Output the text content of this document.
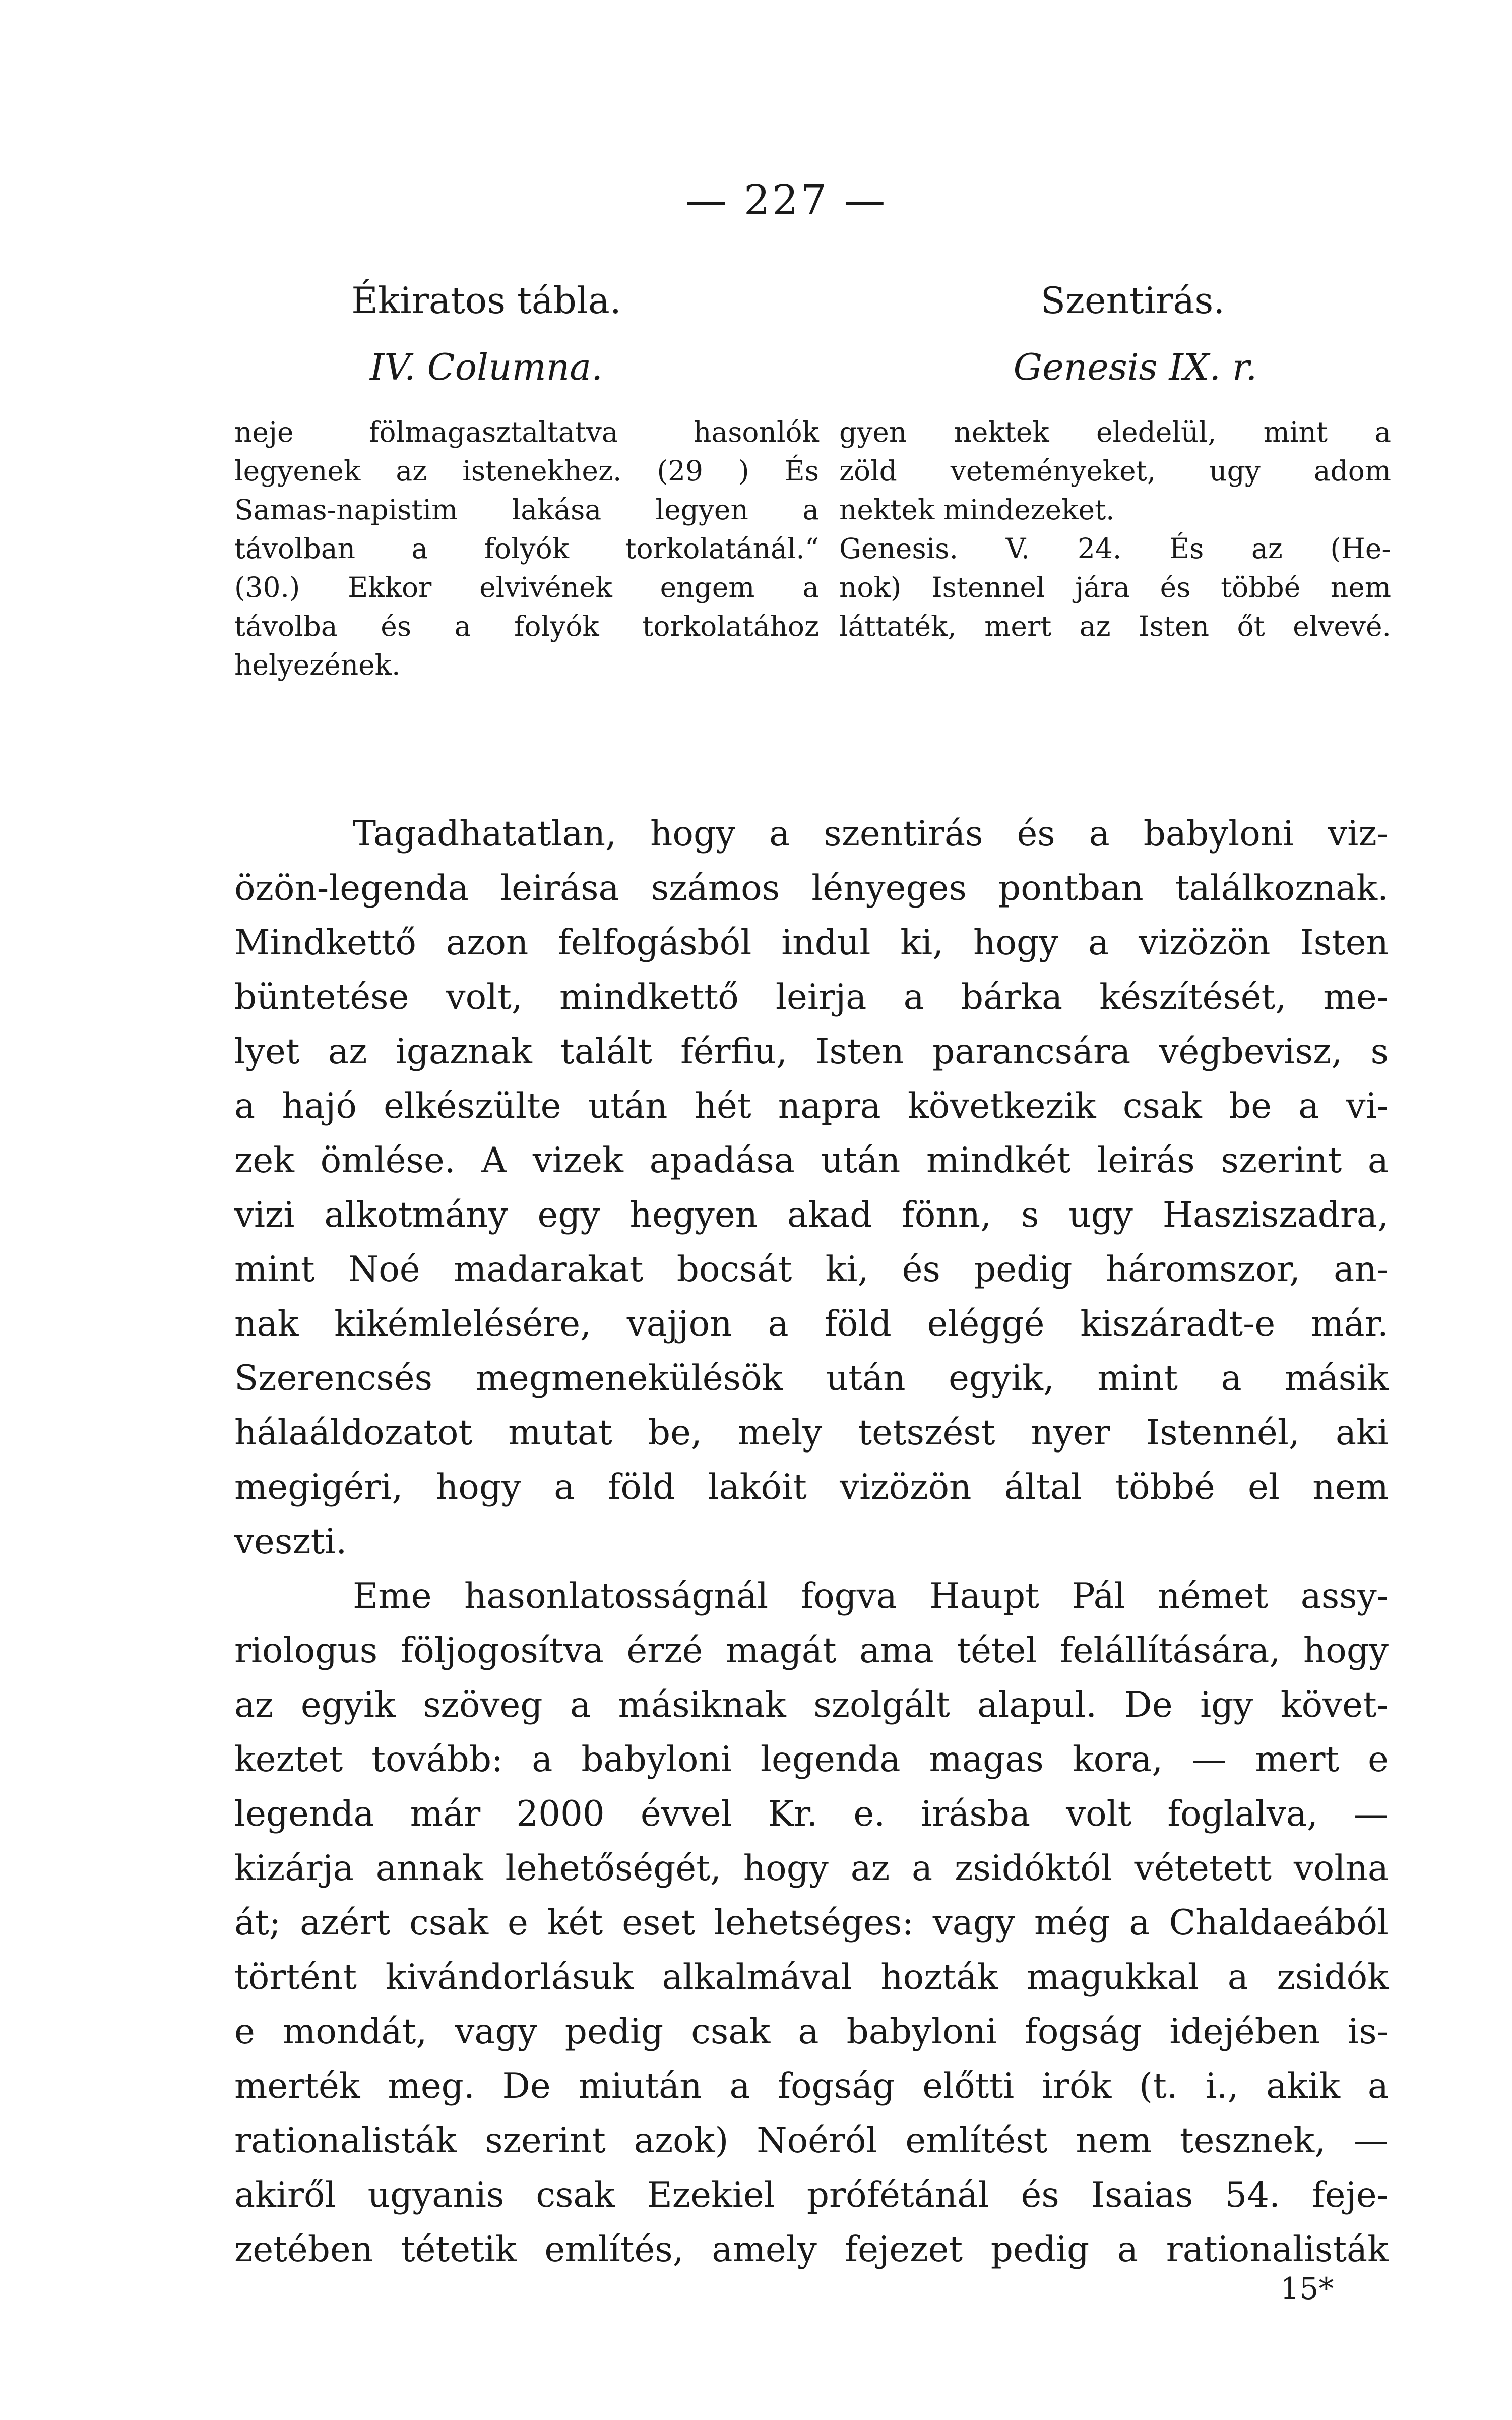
— 227 —

Ékiratos tábla.

IV. Columna.

neje fölmagasztaltatva hasonlók
legyenek az istenekhez. (29 ) És
Samas-napistim lakása legyen a
távolban a folyók torkolatánál.“
(30.) Ekkor elvivének engem a
távolba és a folyók torkolatához
helyezének.

Szentirás.

Genesis IX. r.

gyen nektek eledelül, mint a
zöld veteményeket, ugy adom
nektek mindezeket.
Genesis. V. 24. És az (He-
nok) Istennel jára és többé nem
láttaték, mert az Isten őt elvevé.
Tagadhatatlan, hogy a szentirás és a babyloni viz-
özön-legenda leirása számos lényeges pontban találkoznak.
Mindkettő azon felfogásból indul ki, hogy a vizözön Isten
büntetése volt, mindkettő leirja a bárka készítését, me-
lyet az igaznak talált férfiu, Isten parancsára végbevisz, s
a hajó elkészülte után hét napra következik csak be a vi-
zek ömlése. A vizek apadása után mindkét leirás szerint a
vizi alkotmány egy hegyen akad fönn, s ugy Hasziszadra,
mint Noé madarakat bocsát ki, és pedig háromszor, an-
nak kikémlelésére, vajjon a föld eléggé kiszáradt-e már.
Szerencsés megmenekülésök után egyik, mint a másik
hálaáldozatot mutat be, mely tetszést nyer Istennél, aki
megigéri, hogy a föld lakóit vizözön által többé el nem
veszti.
Eme hasonlatosságnál fogva Haupt Pál német assy-
riologus följogosítva érzé magát ama tétel felállítására, hogy
az egyik szöveg a másiknak szolgált alapul. De igy követ-
keztet tovább: a babyloni legenda magas kora, — mert e
legenda már 2000 évvel Kr. e. irásba volt foglalva, —
kizárja annak lehetőségét, hogy az a zsidóktól vétetett volna
át; azért csak e két eset lehetséges: vagy még a Chaldaeából
történt kivándorlásuk alkalmával hozták magukkal a zsidók
e mondát, vagy pedig csak a babyloni fogság idejében is-
merték meg. De miután a fogság előtti irók (t. i., akik a
rationalisták szerint azok) Noéról említést nem tesznek, —
akiről ugyanis csak Ezekiel prófétánál és Isaias 54. feje-
zetében tétetik említés, amely fejezet pedig a rationalisták
15*
